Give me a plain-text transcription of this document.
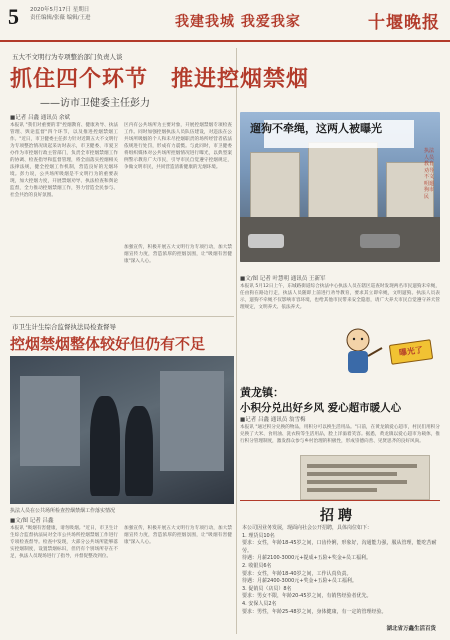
5 2020年5月17日 星期日
责任编辑/张薇 编辑/王进	我建我城 我爱我家	十堰晚报
五大不文明行为专项整治部门负责人谈
抓住四个环节　推进控烟禁烟
——访市卫健委主任彭力
■记者 吕鑫 通讯员 余斌
本报讯 "我们对重要的非"控烟教育、健康劝导、执法管理、舆论监督"四个环节，以及推进控烟禁烟工作。"近日，市卫健委主任彭力针对近期五大不文明行为专项整治情况谈起采访时表示，市卫健委、市爱卫办作为市控烟行政主管部门，负责全市控烟禁烟工作的协调、检查指导和监督管理，将全面落实控烟相关法律法规，健全控烟工作机制，营造良好的无烟环境。彭力说，公共场所吸烟是不文明行为的重要表现，加大控烟力度，开展禁烟劝导、执法检查和舆论监督，全力推动控烟禁烟工作，努力营造全民参与、社会共治的良好氛围。
区内有公共场所为主要对象，开展控烟禁烟专项检查工作。同时加强控烟执法人员队伍建设，对违法在公共场所吸烟的个人和未尽控烟职责的场所经营者依法依规进行处罚，形成有力震慑。与此同时，市卫健委将组织媒体对公共场所控烟情况进行曝光，以典型案例警示教育广大市民，引导市民自觉遵守控烟规定，争做文明市民，共同营造清新健康的无烟环境。
加强宣传，积极开展五大文明行为专项行动，加大禁烟宣传力度，营造浓厚的控烟氛围，让"吸烟有害健康"深入人心。
遛狗不牵绳，这两人被曝光
执法人员教育劝导不文明遛狗市民
■文/图 记者 叶慧明 通讯员 王新军
本报讯 5月12日上午，东城路街道综合执法中心执法人员在辖区巡查时发现两名市民遛狗未牵绳，任由狗在路边行走，执法人员随即上前进行劝导教育，要求其立即牵绳，文明遛狗。执法人员表示，遛狗不牵绳不仅影响市容环境，也给其他市民带来安全隐患，请广大养犬市民自觉遵守养犬管理规定，文明养犬、依法养犬。
曝光了
黄龙镇：
小积分兑出好乡风 爱心超市暖人心
■记者 吕鑫 通讯员 翁雪梅
本报讯 "通过积分兑换的物品，用积分可以换生活用品。"日前，在黄龙镇爱心超市，村民们用积分兑换了大米、食用油、洗衣粉等生活用品，脸上洋溢着笑容。据悉，黄龙镇以爱心超市为载体，推行积分管理制度，激发群众参与乡村治理的积极性，形成崇德向善、见贤思齐的良好风尚。
招聘
本公司因业务发展，现面向社会公开招聘，具体岗位如下：
1. 理货员10名
要求：女性，年龄18-45岁之间，口齿伶俐，形象好，沟通能力强，服从管理，能吃苦耐劳。
待遇：月薪2100-3000元+提成+五险+奖金+员工福利。
2. 收银员6名
要求：女性，年龄18-40岁之间，工作认真负责。
待遇：月薪2400-3000元+奖金+五险+员工福利。
3. 促销员（店员）8名
要求：男女不限，年龄20-45岁之间，有销售经验者优先。
4. 安保人员2名
要求：男性，年龄25-48岁之间，身体健康，有一定的管理经验。
湖北省万鑫生活百货
市卫生计生综合监督执法局检查督导
控烟禁烟整体较好但仍有不足
执法人员在公共场所检查控烟禁烟工作落实情况
■文/图 记者 吕鑫
本报讯 "吸烟有害健康，请勿吸烟。"近日，市卫生计生综合监督执法局对全市公共场所控烟禁烟工作进行专项检查督导。检查中发现，大部分公共场所能够落实控烟制度，设置禁烟标识，但仍有个别场所存在不足，执法人员现场进行了指导，并督促整改到位。
加强宣传，积极开展五大文明行为专项行动，加大禁烟宣传力度，营造浓厚的控烟氛围，让"吸烟有害健康"深入人心。
